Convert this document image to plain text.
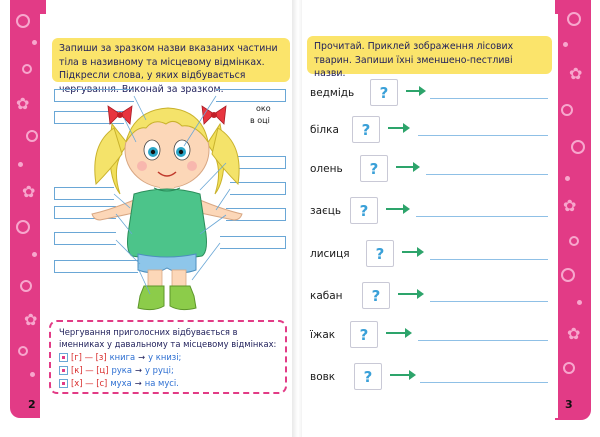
✿
✿
✿
✿
✿
✿
Запиши за зразком назви вказаних частини тіла в називному та місцевому відмінках. Підкресли слова, у яких відбувається чергування. Виконай за зразком.
око
в оці
Чергування приголосних відбувається в іменниках у давальному та місцевому відмінках:
[г] — [з] книга → у книзі;
[к] — [ц] рука → у руці;
[х] — [с] муха → на мусі.
2
Прочитай. Приклей зображення лісових тварин. Запиши їхні зменшено-пестливі назви.
ведмідь	?
білка	?
олень	?
заєць	?
лисиця	?
кабан	?
їжак	?
вовк	?
3
